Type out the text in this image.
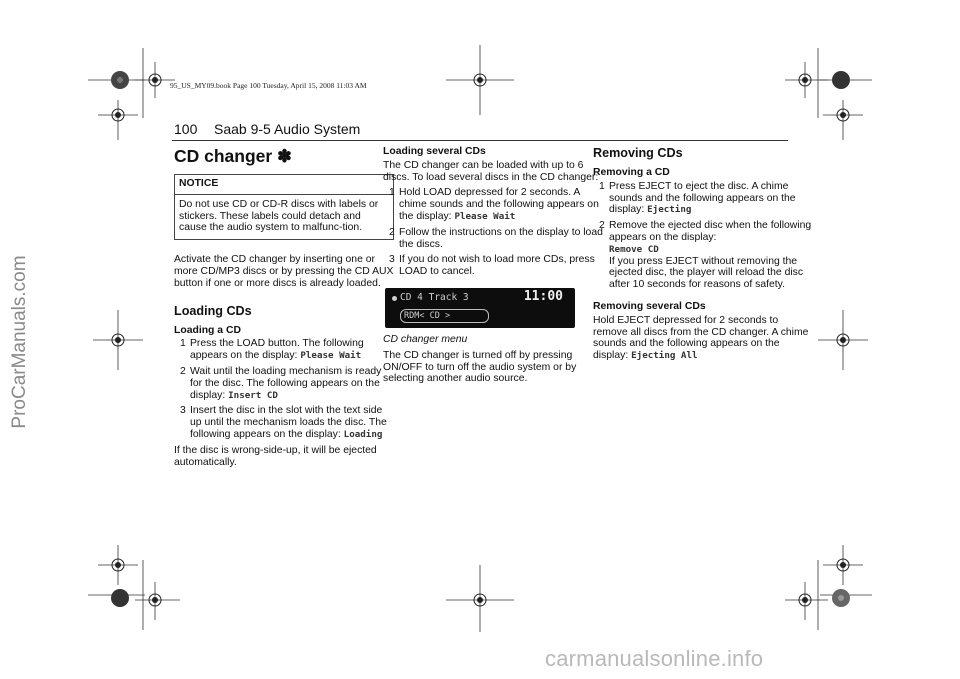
ProCarManuals.com
carmanualsonline.info
95_US_MY09.book Page 100 Tuesday, April 15, 2008 11:03 AM
100 Saab 9-5 Audio System
CD changer ✽
NOTICE
Do not use CD or CD-R discs with labels or stickers. These labels could detach and cause the audio system to malfunc-tion.

Activate the CD changer by inserting one or more CD/MP3 discs or by pressing the CD AUX button if one or more discs is already loaded.

Loading CDs
Loading a CD
1 Press the LOAD button. The following appears on the display: Please Wait
2 Wait until the loading mechanism is ready for the disc. The following appears on the display: Insert CD
3 Insert the disc in the slot with the text side up until the mechanism loads the disc. The following appears on the display: Loading

If the disc is wrong-side-up, it will be ejected automatically.

Loading several CDs

The CD changer can be loaded with up to 6 discs. To load several discs in the CD changer:

1 Hold LOAD depressed for 2 seconds. A chime sounds and the following appears on the display: Please Wait
2 Follow the instructions on the display to load the discs.
3 If you do not wish to load more CDs, press LOAD to cancel.
CD 4 Track 3	11:00
RDM< CD >

CD changer menu

The CD changer is turned off by pressing ON/OFF to turn off the audio system or by selecting another audio source.

Removing CDs
Removing a CD
1 Press EJECT to eject the disc. A chime sounds and the following appears on the display: Ejecting
2 Remove the ejected disc when the following appears on the display:
Remove CD
If you press EJECT without removing the ejected disc, the player will reload the disc after 10 seconds for reasons of safety.
Removing several CDs

Hold EJECT depressed for 2 seconds to remove all discs from the CD changer. A chime sounds and the following appears on the display: Ejecting All
